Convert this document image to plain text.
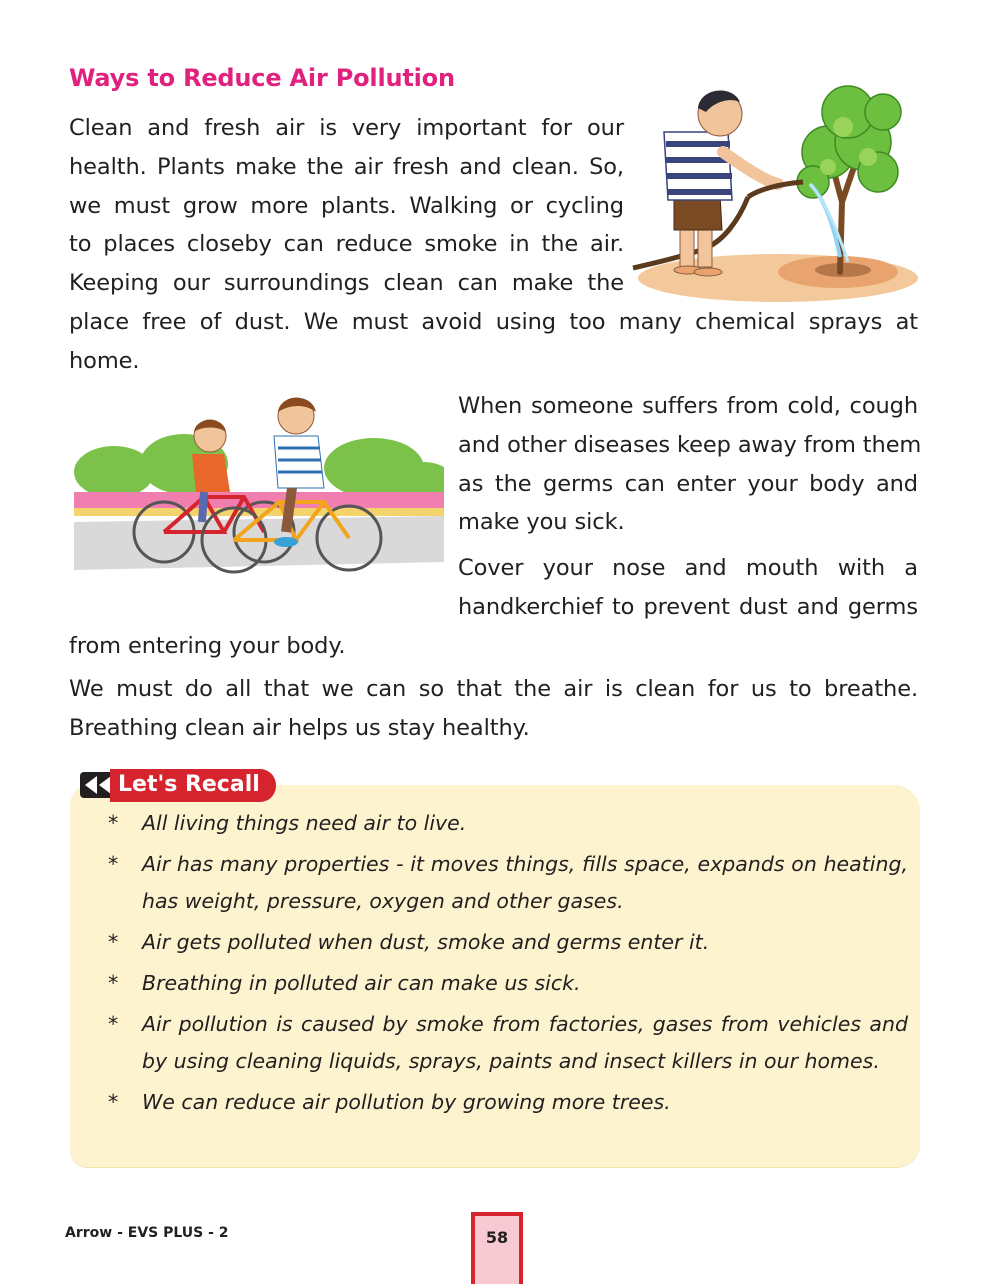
Ways to Reduce Air Pollution
Clean and fresh air is very important for our
health. Plants make the air fresh and clean. So,
we must grow more plants. Walking or cycling
to places closeby can reduce smoke in the air.
Keeping our surroundings clean can make the
place free of dust. We must avoid using too many chemical sprays at
home.
When someone suffers from cold, cough
and other diseases keep away from them
as the germs can enter your body and
make you sick.
Cover your nose and mouth with a
handkerchief to prevent dust and germs
from entering your body.
We must do all that we can so that the air is clean for us to breathe.
Breathing clean air helps us stay healthy.
Let's Recall
* All living things need air to live.
* Air has many properties - it moves things, fills space, expands on heating, has weight, pressure, oxygen and other gases.
* Air gets polluted when dust, smoke and germs enter it.
* Breathing in polluted air can make us sick.
* Air pollution is caused by smoke from factories, gases from vehicles and by using cleaning liquids, sprays, paints and insect killers in our homes.
* We can reduce air pollution by growing more trees.
Arrow - EVS PLUS - 2	58
